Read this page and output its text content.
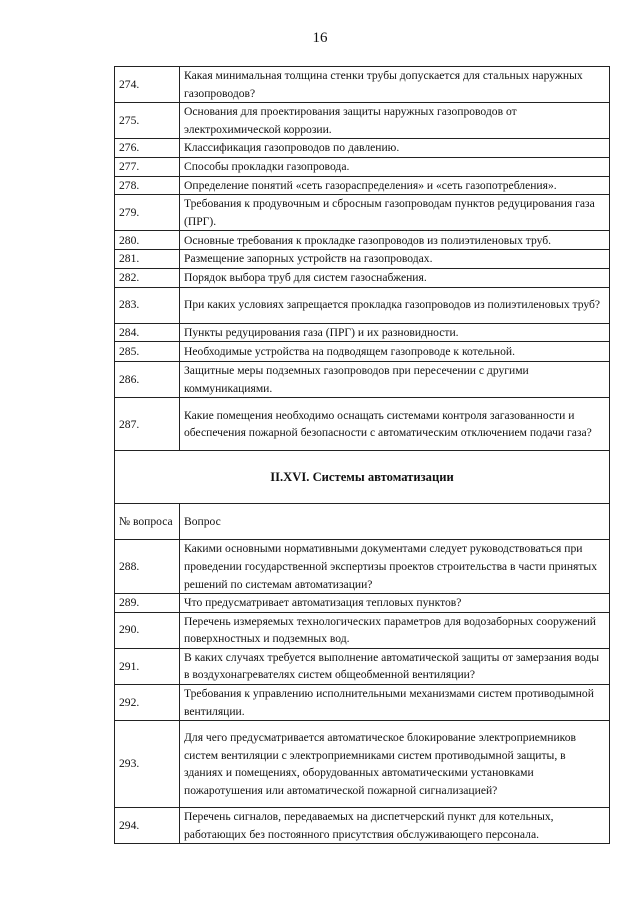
16
274.	Какая минимальная толщина стенки трубы допускается для стальных наружных газопроводов?
275.	Основания для проектирования защиты наружных газопроводов от электрохимической коррозии.
276.	Классификация газопроводов по давлению.
277.	Способы прокладки газопровода.
278.	Определение понятий «сеть газораспределения» и «сеть газопотребления».
279.	Требования к продувочным и сбросным газопроводам пунктов редуцирования газа (ПРГ).
280.	Основные требования к прокладке газопроводов из полиэтиленовых труб.
281.	Размещение запорных устройств на газопроводах.
282.	Порядок выбора труб для систем газоснабжения.
283.	При каких условиях запрещается прокладка газопроводов из полиэтиленовых труб?
284.	Пункты редуцирования газа (ПРГ) и их разновидности.
285.	Необходимые устройства на подводящем газопроводе к котельной.
286.	Защитные меры подземных газопроводов при пересечении с другими коммуникациями.
287.	Какие помещения необходимо оснащать системами контроля загазованности и обеспечения пожарной безопасности с автоматическим отключением подачи газа?
II.XVI. Системы автоматизации	
№ вопроса	Вопрос
288.	Какими основными нормативными документами следует руководствоваться при проведении государственной экспертизы проектов строительства в части принятых решений по системам автоматизации?
289.	Что предусматривает автоматизация тепловых пунктов?
290.	Перечень измеряемых технологических параметров для водозаборных сооружений поверхностных и подземных вод.
291.	В каких случаях требуется выполнение автоматической защиты от замерзания воды в воздухонагревателях систем общеобменной вентиляции?
292.	Требования к управлению исполнительными механизмами систем противодымной вентиляции.
293.	Для чего предусматривается автоматическое блокирование электроприемников систем вентиляции с электроприемниками систем противодымной защиты, в зданиях и помещениях, оборудованных автоматическими установками пожаротушения или автоматической пожарной сигнализацией?
294.	Перечень сигналов, передаваемых на диспетчерский пункт для котельных, работающих без постоянного присутствия обслуживающего персонала.
